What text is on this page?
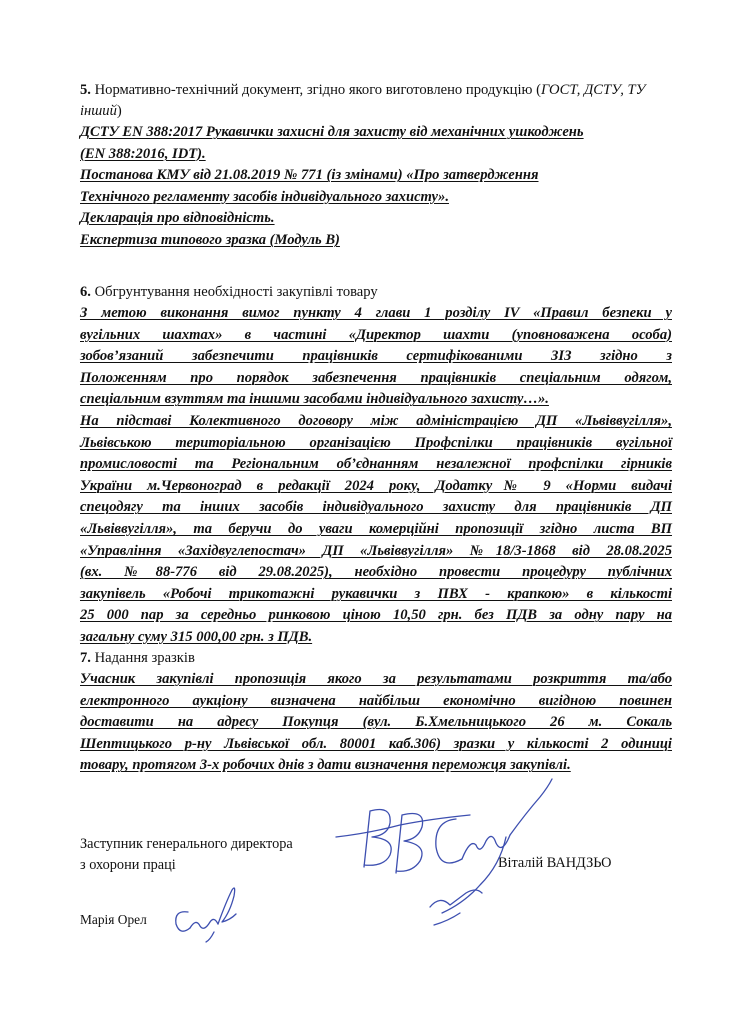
5. Нормативно-технічний документ, згідно якого виготовлено продукцію (ГОСТ, ДСТУ, ТУ інший)
ДСТУ EN 388:2017 Рукавички захисні для захисту від механічних ушкоджень
(EN 388:2016, IDT).
Постанова КМУ від 21.08.2019 № 771 (із змінами) «Про затвердження
Технічного регламенту засобів індивідуального захисту».
Декларація про відповідність.
Експертиза типового зразка (Модуль В)
6. Обгрунтування необхідності закупівлі товару
З метою виконання вимог пункту 4 глави 1 розділу IV «Правил безпеки у
вугільних шахтах» в частині «Директор шахти (уповноважена особа)
зобов’язаний забезпечити працівників сертифікованими ЗІЗ згідно з
Положенням про порядок забезпечення працівників спеціальним одягом,
спеціальним взуттям та іншими засобами індивідуального захисту…».
На підставі Колективного договору між адміністрацією ДП «Львіввугілля»,
Львівською територіальною організацією Профспілки працівників вугільної
промисловості та Регіональним об’єднанням незалежної профспілки гірників
України м.Червоноград в редакції 2024 року, Додатку№ 9 «Норми видачі
спецодягу та інших засобів індивідуального захисту для працівників ДП
«Львіввугілля», та беручи до уваги комерційні пропозиції згідно листа ВП
«Управління «Західвуглепостач» ДП «Львіввугілля» №18/3-1868 від 28.08.2025
(вх. №88-776 від 29.08.2025), необхідно провести процедуру публічних
закупівель «Робочі трикотажні рукавички з ПВХ - крапкою» в кількості
25 000 пар за середньо ринковою ціною 10,50 грн. без ПДВ за одну пару на
загальну суму 315 000,00 грн. з ПДВ.
7. Надання зразків
Учасник закупівлі пропозиція якого за результатами розкриття та/або
електронного аукціону визначена найбільш економічно вигідною повинен
доставити на адресу Покупця (вул. Б.Хмельницького 26 м. Сокаль
Шептицького р-ну Львівської обл. 80001 каб.306) зразки у кількості 2 одиниці
товару, протягом 3-х робочих днів з дати визначення переможця закупівлі.
Заступник генерального директора
з охорони праці	Віталій ВАНДЗЬО
Марія Орел
